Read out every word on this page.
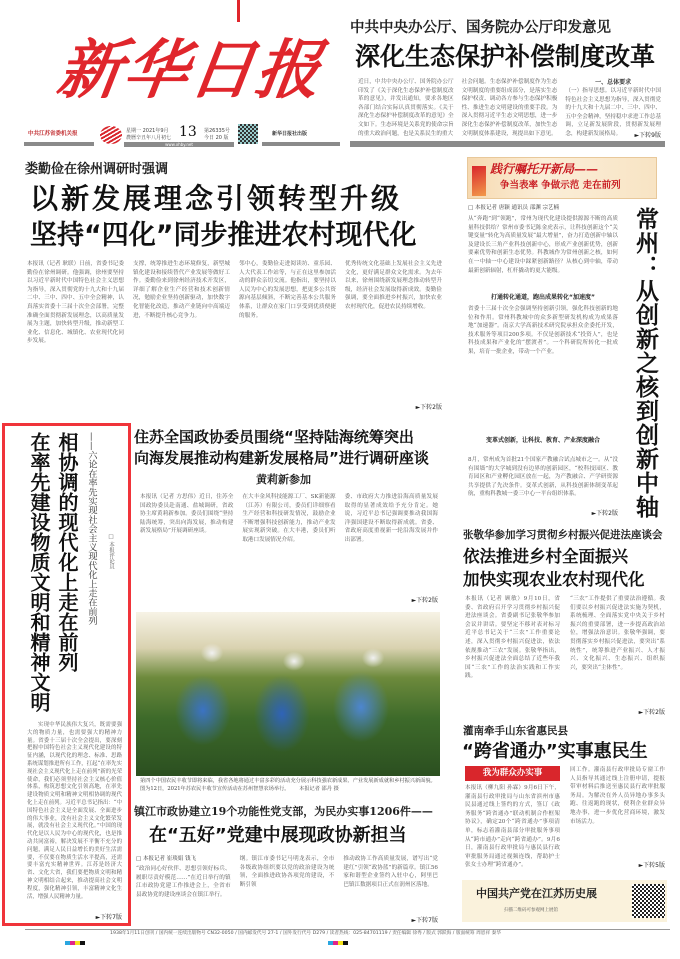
新华日报
中共江苏省委机关报	星期一 2021年9月
農曆辛丑年八月初七 13 第26335号
今日 20 版
新华日报社出版
www.xhby.net
中共中央办公厅、国务院办公厅印发意见
深化生态保护补偿制度改革
近日，中共中央办公厅、国务院办公厅印发了《关于深化生态保护补偿制度改革的意见》，并发出通知，要求各地区各部门结合实际认真贯彻落实。《关于深化生态保护补偿制度改革的意见》全文如下。生态环境是关系党的使命宗旨的重大政治问题，也是关系民生的重大
社会问题。生态保护补偿制度作为生态文明制度的重要组成部分，是落实生态保护权责、调动各方参与生态保护积极性、推进生态文明建设的重要手段。为深入贯彻习近平生态文明思想，进一步深化生态保护补偿制度改革，加快生态文明制度体系建设，现提出如下意见。
一、总体要求
（一）指导思想。以习近平新时代中国特色社会主义思想为指导，深入贯彻党的十九大和十九届二中、三中、四中、五中全会精神，坚持稳中求进工作总基调，立足新发展阶段，贯彻新发展理念，构建新发展格局。	►下转9版
娄勤俭在徐州调研时强调
以新发展理念引领转型升级
坚持“四化”同步推进农村现代化
本报讯（记者 耿联）日前，省委书记娄勤俭在徐州调研。他强调，徐州要坚持以习近平新时代中国特色社会主义思想为指导，深入贯彻党的十九大和十九届二中、三中、四中、五中全会精神，认真落实省委十三届十次全会部署，完整准确全面贯彻新发展理念，以高质量发展为主题，加快转型升级，推动新型工业化、信息化、城镇化、农业现代化同步发展。
支撑，统筹推进生态环境修复，新型城镇化建设和接续替代产业发展等做好工作。娄勤俭来到徐州经济技术开发区，详细了解企业生产经营和技术创新情况，勉励企业坚持创新驱动，加快数字化智能化改造，推动产业链向中高端迈进，不断提升核心竞争力。
邻中心，娄勤俭走进阅读坊、童乐园、人大代表工作站等，与正在这里参加活动的群众亲切交流。他指出，要坚持以人民为中心的发展思想，把更多公共资源向基层倾斜，不断完善基本公共服务体系，让群众在家门口享受到优质便捷的服务。
优秀传统文化基础上发展社会主义先进文化，更好满足群众文化需求。为去年以来，徐州围绕新发展理念推动转型升级，经济社会发展取得新成效。娄勤俭强调，要全面推进乡村振兴，加快农业农村现代化，促进农民持续增收。
►下转2版
践行嘱托开新局——
争当表率 争做示范 走在前列
□ 本报记者 唐颖 通讯员 邵渊 宗艺楠
从“奔跑”到“领跑”，常州为现代化建设提供源源不断的高质量科技供给？常州市委书记陈金虎表示，让科技创新这个“关键变量”转化为高质量发展“最大增量”，奋力打造创新中轴以及建设长三角产业科技创新中心，形成产业创新优势，创新要素优势和创新生态优势。科教城作为常州创新之核，如何在一中轴一中心建设中踩紧创新路径？从核心到中轴，带动最新创新辐射，杠杆撬动的更大能级。
打通转化通道，跑出成果转化“加速度”
省委十三届十次全会强调坚持创新引领，强化科技创新的地位和作用。常州科教城中的众多新型研发机构成为成果落地“加速器”。南京大学高新技术研究院承担众企委托开发，技术服务等项目200多项。不仅是创新技术“投资人”，也是科技成果和产业化的“摆渡者”。一个科研院所转化一批成果，培育一批企业，带动一个产业。
变革式创新，让科技、教育、产业深度融合	常州：从创新之核到创新中轴
8月，常州成为首批21个国家产教融合试点城市之一。从“没有围墙”的大学城到没有边界的创新园区，“校科技园区、教育园区和产业孵化园区放在一起，为产教融合、产学研资源共享提供了先决条件。变革式创新，从科技创新体制变革起航，重构科教城一委三中心一平台组织体系。
►下转2版
在率先建设物质文明和精神文明 相协调的现代化上走在前列 ——六论在率先实现社会主义现代化上走在前列 □ 本报评论员
实现中华民族伟大复兴，既需要强大的物质力量，也需要强大的精神力量。省委十三届十次全会提出，要深刻把握中国特色社会主义现代化建设的特征内涵，以现代化的理念、标准、思路系统谋划推进所有工作，扛起“在率先实现社会主义现代化上走在前列”新的光荣使命，我们必须坚持社会主义核心价值体系，构筑思想文化引领高地，在率先建设物质文明和精神文明相协调的现代化上走在前列。习近平总书记指出：“中国特色社会主义是全面发展、全面进步的伟大事业，没有社会主义文化繁荣发展，就没有社会主义现代化。”中国的现代化是以人民为中心的现代化，也是推动共同富裕，解决发展不平衡不充分的问题，满足人民日益增长的美好生活需要，不仅要在物质生活水平提高，还需要丰富充实精神世界。江苏是经济大省、文化大省，我们要把物质文明和精神文明相结合起来，推动提高社会文明程度，强化精神引领，丰富精神文化生活，增强人民精神力量。
►下转7版
住苏全国政协委员围绕“坚持陆海统筹突出
向海发展推动构建新发展格局”进行调研座谈
黄莉新参加
本报讯（记者 方思伟）近日，住苏全国政协委员赴南通、盐城调研，省政协主席黄莉新参加。委员们围绕“坚持陆海统筹，突出向海发展，推动构建新发展格局”开展调研座谈。
在大丰金风科技能源工厂、SK新能源（江苏）有限公司，委员们详细察看生产经营和科技研发情况，鼓励企业不断增强科技创新能力，推动产业发展实现新突破。在大丰港，委员们听取港口发展情况介绍。
委、市政府大力推进沿海高质量发展取得的显著成效给予充分肯定。她说，习近平总书记强调要推动我国海洋强国建设不断取得新成就。省委、省政府高度重视新一轮沿海发展并作出部署。
►下转2版
第四个中国农民丰收节即将来临，我省各地将通过丰富多彩的活动充分展示科技强农新成果、产业发展新成就和乡村振兴新面貌。图为12日，2021年苏农民丰收节宣传活动在苏州智慧农场举行。 本报记者 邵丹 摄
镇江市政协建立19个功能性党支部，为民办实事1206件——
在“五好”党建中展现政协新担当
□ 本报记者 崔琰娟 钱飞
“政治同心好伙伴、思想引领好标兵、履职尽责好模范……”在近日举行的镇江市政协党建工作推进会上，全省市县政协党的建设座谈会在镇江举行。
纲。镇江市委书记马明龙表示，全市各级政协组织要以党的政治建设为统领，全面推进政协各项党的建设，不断引领
推动政协工作高质量发展，谱写出“党建红”引领“政协蓝”的新篇章。镇江56家和谐型企业签约入驻中心，阿里巴巴镇江数据项目正式在润州区落地。
►下转7版
张敬华参加学习贯彻乡村振兴促进法座谈会
依法推进乡村全面振兴
加快实现农业农村现代化
本报讯（记者 顾敏）9月10日，省委、省政府召开学习贯彻乡村振兴促进法座谈会。省委副书记张敬华参加会议并讲话。要坚定不移对表对标习近平总书记关于“三农”工作重要论述，深入贯彻乡村振兴促进法，依法依规推动“三农”发展。张敬华指出，乡村振兴促进法全面总结了近些年我国“三农”工作的法治实践和工作实践。
“三农”工作提供了重要法治遵循。我们要以乡村振兴促进法实施为契机，系统梳理、全面落实党中央关于乡村振兴的重要部署，进一步提高政治站位，增强法治意识。张敬华强调，要贯彻落实乡村振兴促进法，要突出“系统性”，统筹推进产业振兴、人才振兴、文化振兴、生态振兴、组织振兴，要突出“主体性”。
►下转2版
灌南牵手山东省惠民县
“跨省通办”实事惠民生
我为群众办实事
本报讯（柳九阳 孙霖）9月6日下午，灌南县行政审批局与山东省滨州市惠民县通过线上签约的方式，签订《政务服务“跨省通办”联动机制合作框架协议》，确定20个“跨省通办”事项清单，标志着灌南县部分审批服务事项从“跨市通办”走向“跨省通办”。9月6日，灌南县行政审批局与惠民县行政审批服务局通过视频连线，帮助护士张女士办理“跨省通办”。
回工作。灌南县行政审批局专窗工作人员指导其通过线上注册申请，提报带审材料后推送至惠民县行政审批服务局。为解决在外人员异地办事多头跑、往返跑的现状，便利企业群众异地办事，进一步优化营商环境，激发市场活力。
►下转5版
中国共产党在江苏历史展
扫描二维码可参观网上展馆
1938年1月11日创刊 / 国内统一连续出版物号 CN32-0050 / 国内邮发代号 27-1 / 国外发行代号 D279 / 读者热线：025-84701119 / 责任编辑 徐秀 / 版式 郭跃海 / 版面统筹 周恩祥 秦华
